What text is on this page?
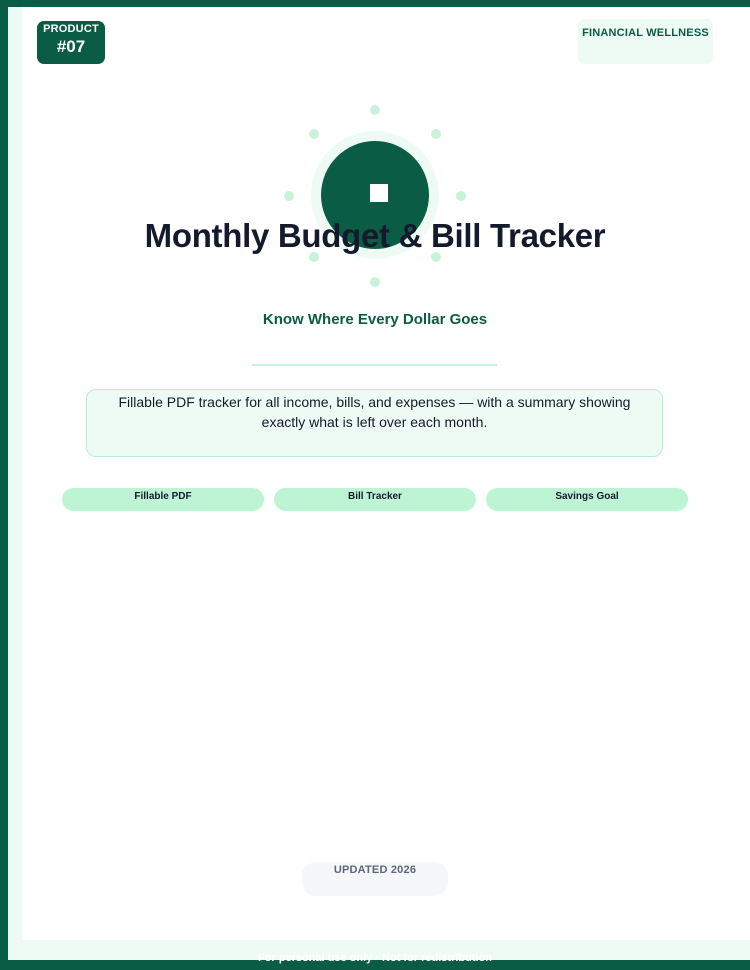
For personal use only · Not for redistribution
PRODUCT
#07
FINANCIAL WELLNESS
Monthly Budget & Bill Tracker
Know Where Every Dollar Goes

Fillable PDF tracker for all income, bills, and expenses — with a summary showing exactly what is left over each month.

Fillable PDF	Bill Tracker	Savings Goal
UPDATED 2026
